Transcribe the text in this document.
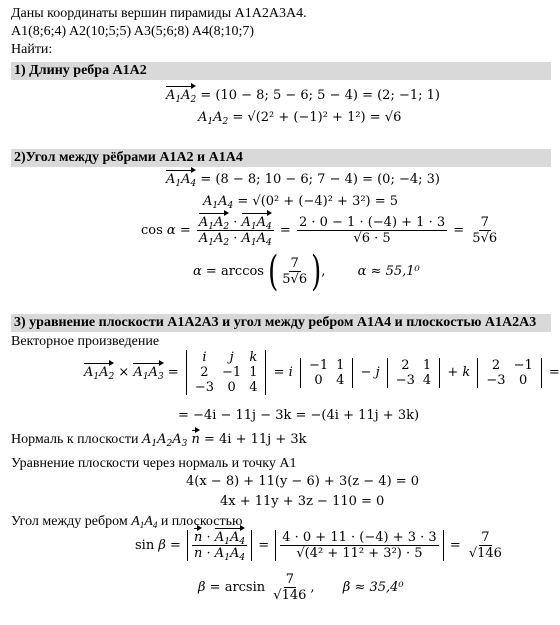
Даны координаты вершин пирамиды A1A2A3A4.
A1(8;6;4) A2(10;5;5) A3(5;6;8) A4(8;10;7)
Найти:
1) Длину ребра A1A2
$A_1A_2 = (10 - 8$; 5 − 6; 5 − 4) = (2; −1; 1)
$A_1A_2 = √(2^2 + (-1)^2 + 1^2) = √6$
2)Угол между рёбрами A1A2 и A1A4
$A_1A_4 = (8 - 8$; 10 − 6; 7 − 4) = (0; −4; 3)
$A_1A_4 = √(0^2 + (-4)^2 + 3^2) = 5$
$\cos \alpha = \frac{A_1A_2 \cdot A_1A_4}{A_1A_2 \cdot A_1A_4} = \frac{2 \cdot 0 - 1 \cdot (-4) + 1 \cdot 3}{√6 \cdot 5} = \frac{7}{5√6}$
α = arccos ( $\frac{7}{5√6}$ ),  α ≈ 55,1⁰
3) уравнение плоскости A1A2A3 и угол между ребром A1A4 и плоскостью A1A2A3
Векторное произведение
$A_1A_2 \times A_1A_3$ =
i	j	k
2	−1	1
−3	0	4
= i −1	1
0	4 − j 2	1
−3	4 + k 2	−1
−3	0 =
= −4i − 11j − 3k = −(4i + 11j + 3k)
Нормаль к плоскости $A_1A_2A_3$ n = 4i + 11j + 3k
Уравнение плоскости через нормаль и точку A1
4(x − 8) + 11(y − 6) + 3(z − 4) = 0
4x + 11y + 3z − 110 = 0
Угол между ребром $A_1A_4$ и плоскостью
$\sin \beta = \frac{n \cdot A_1A_4}{n \cdot A_1A_4} = \frac{4 \cdot 0 + 11 \cdot (-4) + 3 \cdot 3}{\text{√(4² + 11² + 3²) · 5}} = \frac{7}{√146}$
$\beta = \arcsin \frac{7}{√146}$ ,  β ≈ 35,4⁰
